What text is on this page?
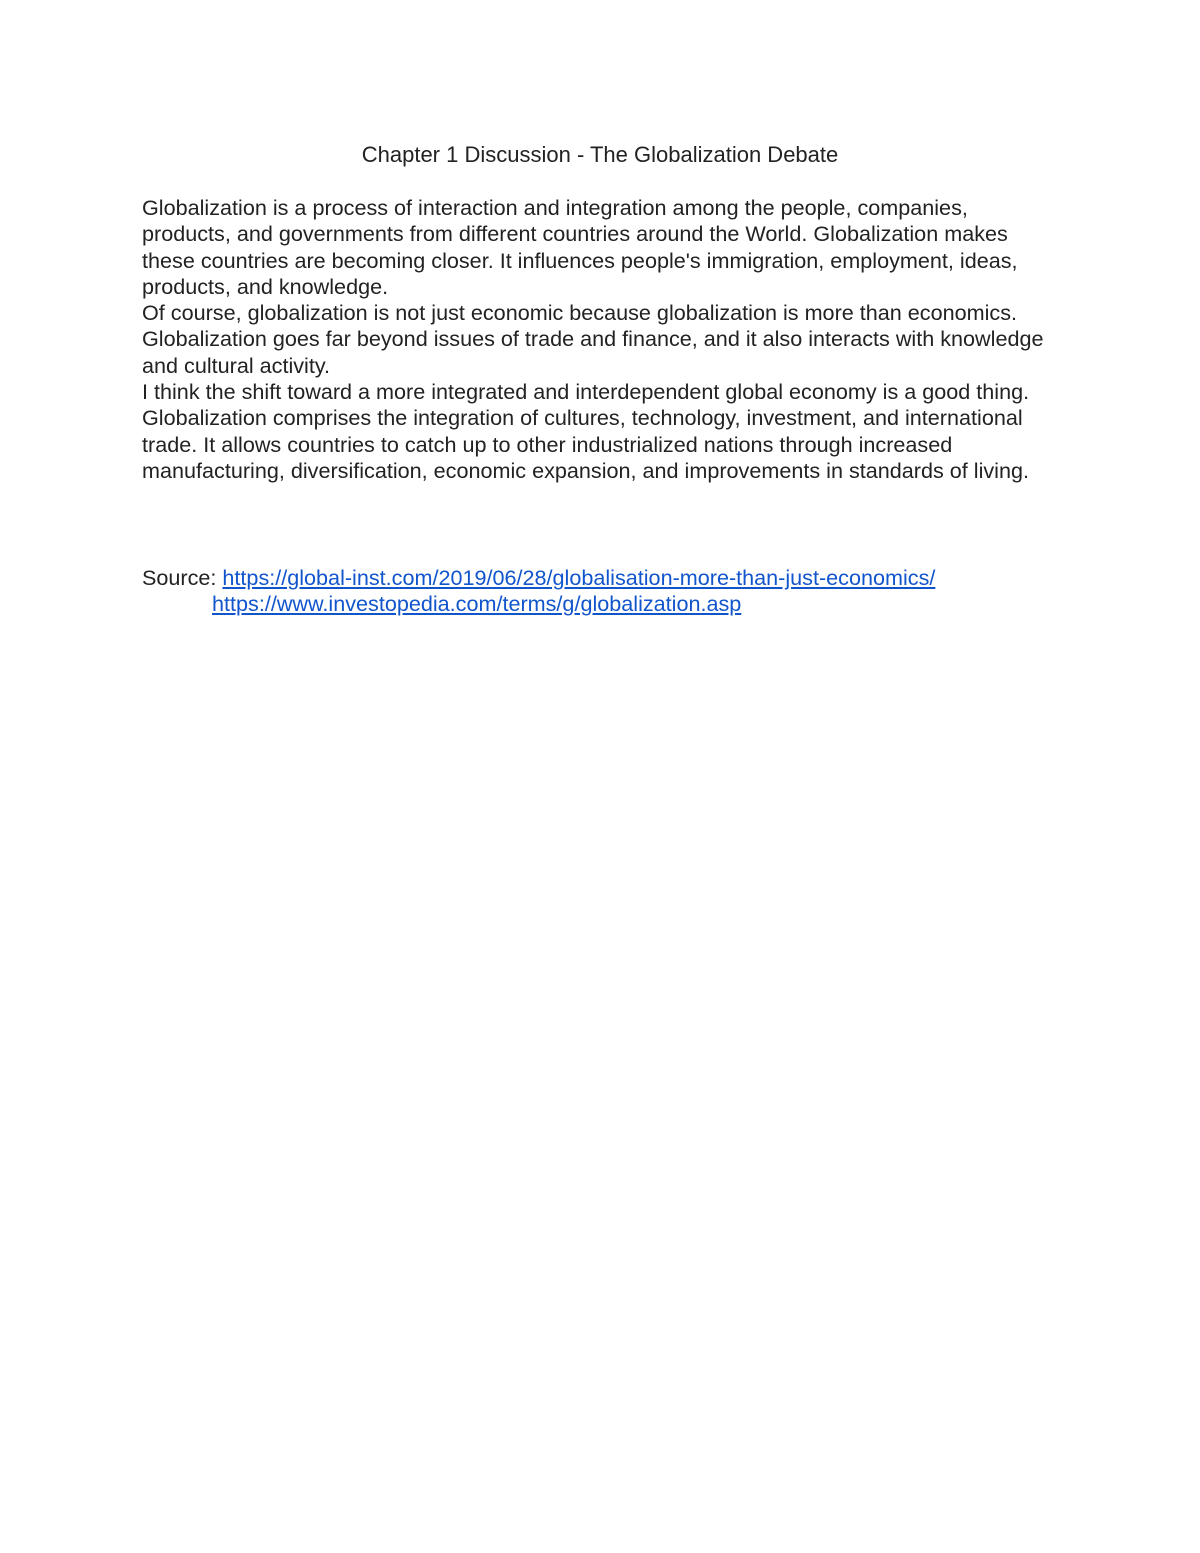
Chapter 1 Discussion - The Globalization Debate

Globalization is a process of interaction and integration among the people, companies, products, and governments from different countries around the World. Globalization makes these countries are becoming closer. It influences people's immigration, employment, ideas, products, and knowledge.

Of course, globalization is not just economic because globalization is more than economics. Globalization goes far beyond issues of trade and finance, and it also interacts with knowledge and cultural activity.

I think the shift toward a more integrated and interdependent global economy is a good thing. Globalization comprises the integration of cultures, technology, investment, and international trade. It allows countries to catch up to other industrialized nations through increased manufacturing, diversification, economic expansion, and improvements in standards of living.

Source: https://global-inst.com/2019/06/28/globalisation-more-than-just-economics/
https://www.investopedia.com/terms/g/globalization.asp
